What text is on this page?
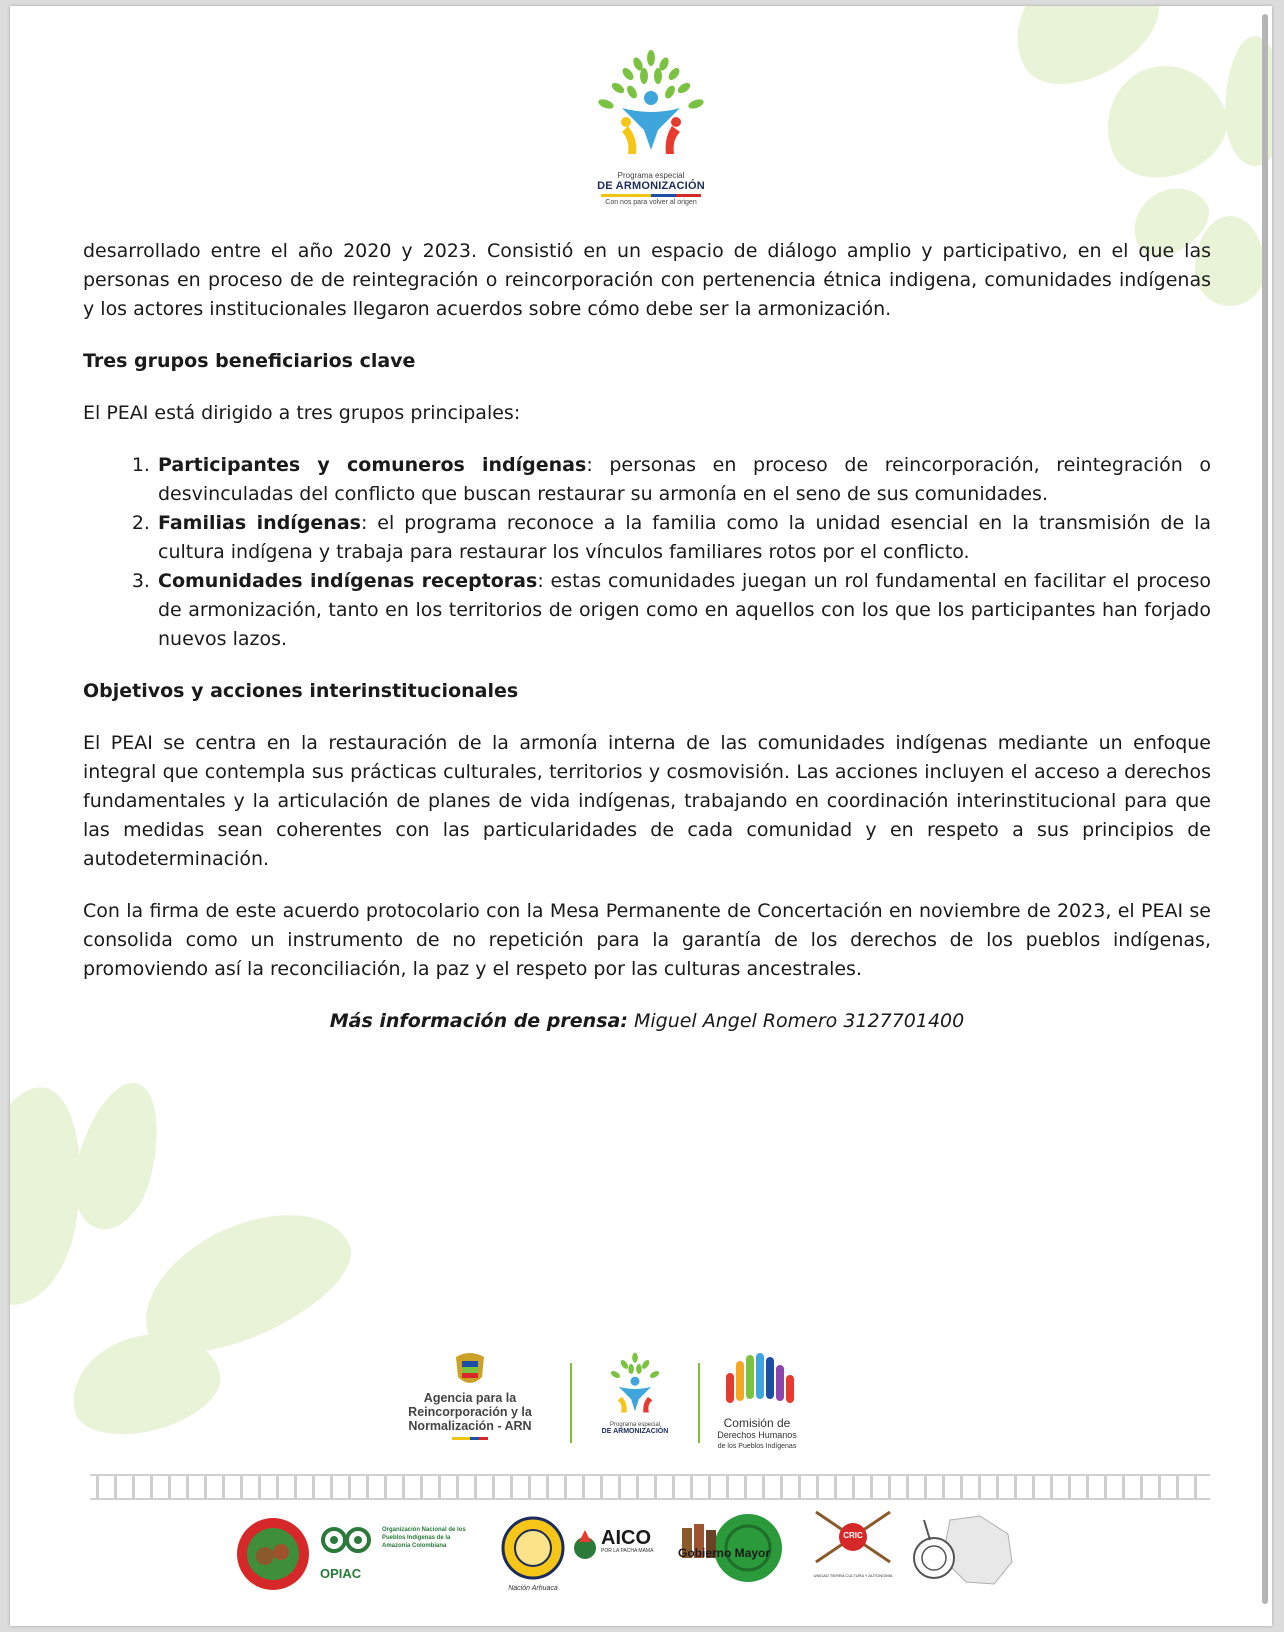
Programa especial
DE ARMONIZACIÓN
Con nos para volver al origen

desarrollado entre el año 2020 y 2023. Consistió en un espacio de diálogo amplio y participativo, en el que las personas en proceso de de reintegración o reincorporación con pertenencia étnica indigena, comunidades indígenas y los actores institucionales llegaron acuerdos sobre cómo debe ser la armonización.

Tres grupos beneficiarios clave

El PEAI está dirigido a tres grupos principales:

1. Participantes y comuneros indígenas: personas en proceso de reincorporación, reintegración o desvinculadas del conflicto que buscan restaurar su armonía en el seno de sus comunidades.
2. Familias indígenas: el programa reconoce a la familia como la unidad esencial en la transmisión de la cultura indígena y trabaja para restaurar los vínculos familiares rotos por el conflicto.
3. Comunidades indígenas receptoras: estas comunidades juegan un rol fundamental en facilitar el proceso de armonización, tanto en los territorios de origen como en aquellos con los que los participantes han forjado nuevos lazos.

Objetivos y acciones interinstitucionales

El PEAI se centra en la restauración de la armonía interna de las comunidades indígenas mediante un enfoque integral que contempla sus prácticas culturales, territorios y cosmovisión. Las acciones incluyen el acceso a derechos fundamentales y la articulación de planes de vida indígenas, trabajando en coordinación interinstitucional para que las medidas sean coherentes con las particularidades de cada comunidad y en respeto a sus principios de autodeterminación.

Con la firma de este acuerdo protocolario con la Mesa Permanente de Concertación en noviembre de 2023, el PEAI se consolida como un instrumento de no repetición para la garantía de los derechos de los pueblos indígenas, promoviendo así la reconciliación, la paz y el respeto por las culturas ancestrales.

Más información de prensa: Miguel Angel Romero 3127701400

Agencia para la
Reincorporación y la
Normalización - ARN	Programa especial
DE ARMONIZACIÓN
Comisión de
Derechos Humanos
de los Pueblos Indígenas
Organización Nacional de los
Pueblos Indígenas de la
Amazonía Colombiana
OPIAC
Nación Arhuaca
AICO
POR LA PACHA MAMA Gobierno Mayor
CRIC
UNIDAD TIERRA CULTURA Y AUTONOMÍA
